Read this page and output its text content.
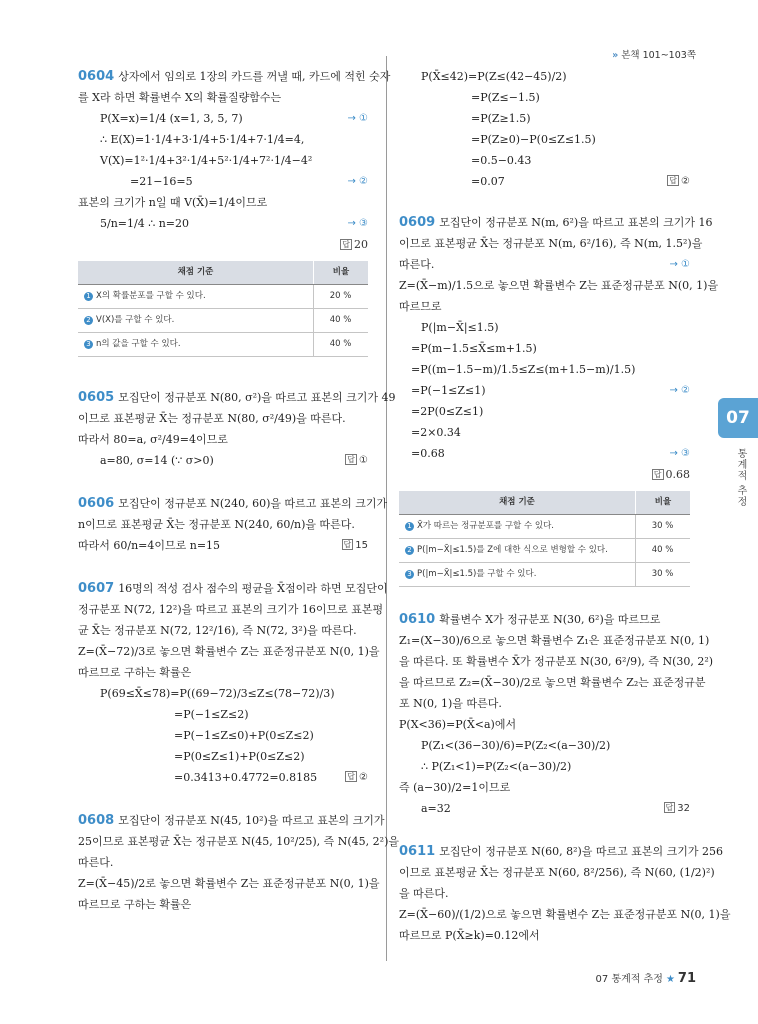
» 본책 101~103쪽
0604 상자에서 임의로 1장의 카드를 꺼낼 때, 카드에 적힌 숫자
를 X라 하면 확률변수 X의 확률질량함수는
P(X=x)=1/4 (x=1, 3, 5, 7)	→ ①
∴ E(X)=1·1/4+3·1/4+5·1/4+7·1/4=4,
V(X)=1²·1/4+3²·1/4+5²·1/4+7²·1/4−4²
=21−16=5	→ ②
표본의 크기가 n일 때 V(X̄)=1/4이므로
5/n=1/4 ∴ n=20	→ ③
답 20
채점 기준	비율
1 X의 확률분포를 구할 수 있다.	20 %
2 V(X)를 구할 수 있다.	40 %
3 n의 값을 구할 수 있다.	40 %
0605 모집단이 정규분포 N(80, σ²)을 따르고 표본의 크기가 49
이므로 표본평균 X̄는 정규분포 N(80, σ²/49)을 따른다.
따라서 80=a, σ²/49=4이므로
a=80, σ=14 (∵ σ>0)	답 ①
0606 모집단이 정규분포 N(240, 60)을 따르고 표본의 크기가
n이므로 표본평균 X̄는 정규분포 N(240, 60/n)을 따른다.
따라서 60/n=4이므로 n=15	답 15
0607 16명의 적성 검사 점수의 평균을 X̄점이라 하면 모집단이
정규분포 N(72, 12²)을 따르고 표본의 크기가 16이므로 표본평
균 X̄는 정규분포 N(72, 12²/16), 즉 N(72, 3²)을 따른다.
Z=(X̄−72)/3로 놓으면 확률변수 Z는 표준정규분포 N(0, 1)을
따르므로 구하는 확률은
P(69≤X̄≤78)=P((69−72)/3≤Z≤(78−72)/3)
=P(−1≤Z≤2)
=P(−1≤Z≤0)+P(0≤Z≤2)
=P(0≤Z≤1)+P(0≤Z≤2)
=0.3413+0.4772=0.8185	답 ②
0608 모집단이 정규분포 N(45, 10²)을 따르고 표본의 크기가
25이므로 표본평균 X̄는 정규분포 N(45, 10²/25), 즉 N(45, 2²)을
따른다.
Z=(X̄−45)/2로 놓으면 확률변수 Z는 표준정규분포 N(0, 1)을
따르므로 구하는 확률은
P(X̄≤42)=P(Z≤(42−45)/2)
=P(Z≤−1.5)
=P(Z≥1.5)
=P(Z≥0)−P(0≤Z≤1.5)
=0.5−0.43
=0.07	답 ②
0609 모집단이 정규분포 N(m, 6²)을 따르고 표본의 크기가 16
이므로 표본평균 X̄는 정규분포 N(m, 6²/16), 즉 N(m, 1.5²)을
따른다.	→ ①
Z=(X̄−m)/1.5으로 놓으면 확률변수 Z는 표준정규분포 N(0, 1)을
따르므로
P(|m−X̄|≤1.5)
=P(m−1.5≤X̄≤m+1.5)
=P((m−1.5−m)/1.5≤Z≤(m+1.5−m)/1.5)
=P(−1≤Z≤1)	→ ②
=2P(0≤Z≤1)
=2×0.34
=0.68	→ ③
답 0.68
채점 기준	비율
1 X̄가 따르는 정규분포를 구할 수 있다.	30 %
2 P(|m−X̄|≤1.5)를 Z에 대한 식으로 변형할 수 있다.	40 %
3 P(|m−X̄|≤1.5)를 구할 수 있다.	30 %
0610 확률변수 X가 정규분포 N(30, 6²)을 따르므로
Z₁=(X−30)/6으로 놓으면 확률변수 Z₁은 표준정규분포 N(0, 1)
을 따른다. 또 확률변수 X̄가 정규분포 N(30, 6²/9), 즉 N(30, 2²)
을 따르므로 Z₂=(X̄−30)/2로 놓으면 확률변수 Z₂는 표준정규분
포 N(0, 1)을 따른다.
P(X<36)=P(X̄<a)에서
P(Z₁<(36−30)/6)=P(Z₂<(a−30)/2)
∴ P(Z₁<1)=P(Z₂<(a−30)/2)
즉 (a−30)/2=1이므로
a=32	답 32
0611 모집단이 정규분포 N(60, 8²)을 따르고 표본의 크기가 256
이므로 표본평균 X̄는 정규분포 N(60, 8²/256), 즉 N(60, (1/2)²)
을 따른다.
Z=(X̄−60)/(1/2)으로 놓으면 확률변수 Z는 표준정규분포 N(0, 1)을
따르므로 P(X̄≥k)=0.12에서
07
통계적 추정
07 통계적 추정 ★ 71
